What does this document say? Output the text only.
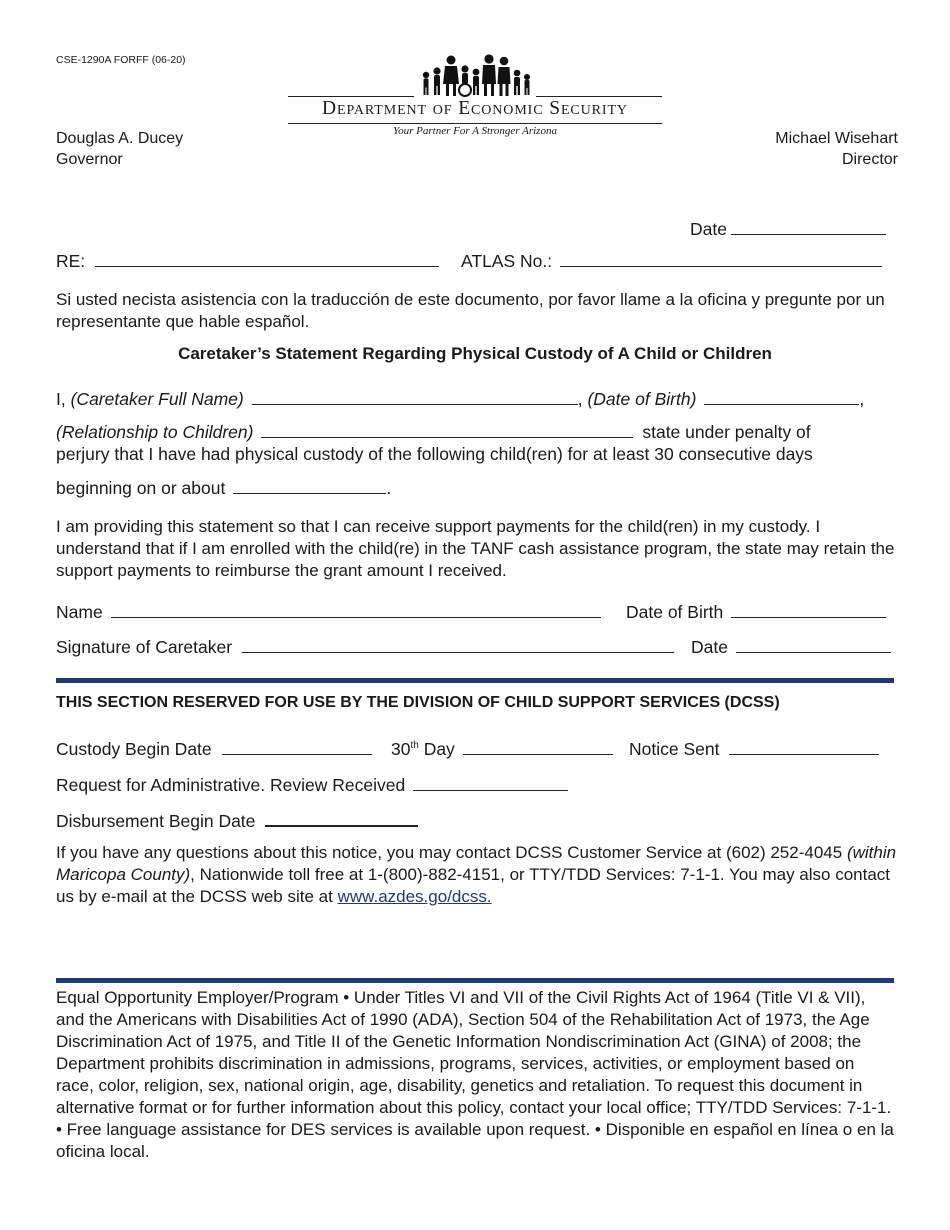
CSE-1290A FORFF (06-20)
Department of Economic Security
Your Partner For A Stronger Arizona
Douglas A. Ducey
Governor
Michael Wisehart
Director
Date
RE:	ATLAS No.:
Si usted necista asistencia con la traducción de este documento, por favor llame a la oficina y pregunte por un representante que hable español.
Caretaker’s Statement Regarding Physical Custody of A Child or Children
I, (Caretaker Full Name)	, (Date of Birth)	,
(Relationship to Children)	state under penalty of
perjury that I have had physical custody of the following child(ren) for at least 30 consecutive days
beginning on or about	.
I am providing this statement so that I can receive support payments for the child(ren) in my custody. I understand that if I am enrolled with the child(re) in the TANF cash assistance program, the state may retain the support payments to reimburse the grant amount I received.
Name	Date of Birth
Signature of Caretaker	Date
THIS SECTION RESERVED FOR USE BY THE DIVISION OF CHILD SUPPORT SERVICES (DCSS)
Custody Begin Date	30th Day	Notice Sent
Request for Administrative. Review Received
Disbursement Begin Date
If you have any questions about this notice, you may contact DCSS Customer Service at (602) 252-4045 (within Maricopa County), Nationwide toll free at 1-(800)-882-4151, or TTY/TDD Services: 7-1-1. You may also contact us by e-mail at the DCSS web site at www.azdes.go/dcss.
Equal Opportunity Employer/Program • Under Titles VI and VII of the Civil Rights Act of 1964 (Title VI & VII), and the Americans with Disabilities Act of 1990 (ADA), Section 504 of the Rehabilitation Act of 1973, the Age Discrimination Act of 1975, and Title II of the Genetic Information Nondiscrimination Act (GINA) of 2008; the Department prohibits discrimination in admissions, programs, services, activities, or employment based on race, color, religion, sex, national origin, age, disability, genetics and retaliation. To request this document in alternative format or for further information about this policy, contact your local office; TTY/TDD Services: 7-1-1. • Free language assistance for DES services is available upon request. • Disponible en español en línea o en la oficina local.
